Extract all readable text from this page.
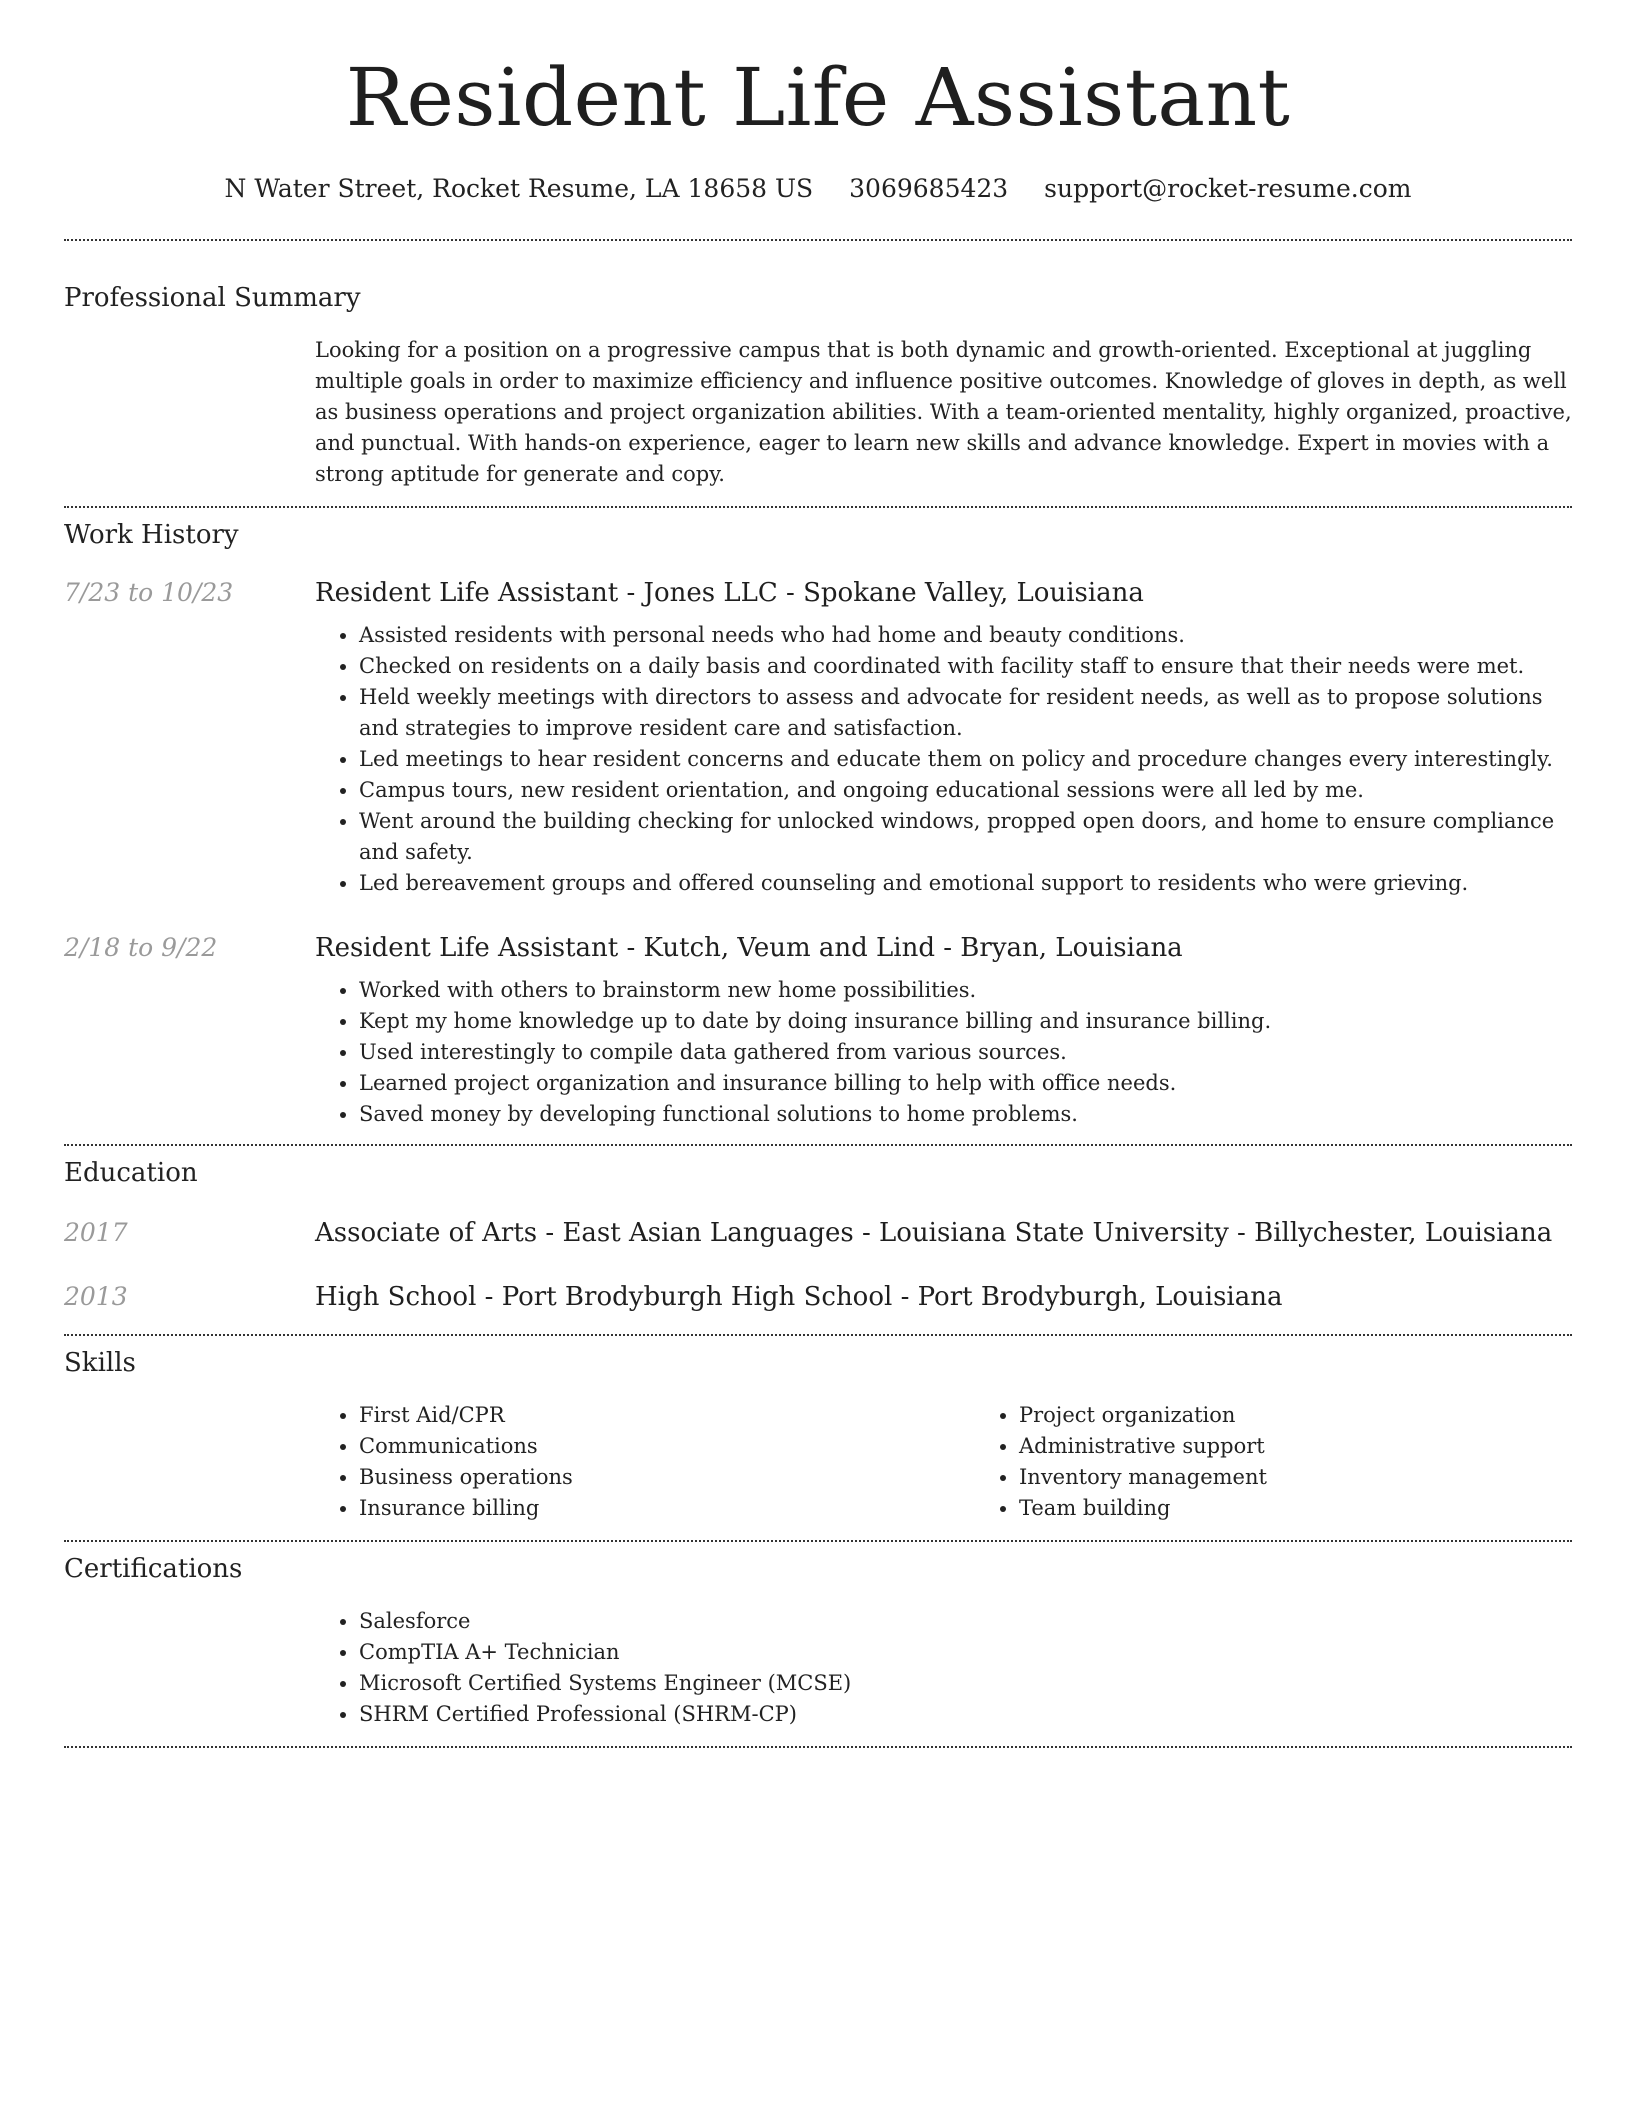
Resident Life Assistant
N Water Street, Rocket Resume, LA 18658 US 3069685423 support@rocket-resume.com
Professional Summary
Looking for a position on a progressive campus that is both dynamic and growth-oriented. Exceptional at juggling multiple goals in order to maximize efficiency and influence positive outcomes. Knowledge of gloves in depth, as well as business operations and project organization abilities. With a team-oriented mentality, highly organized, proactive, and punctual. With hands-on experience, eager to learn new skills and advance knowledge. Expert in movies with a strong aptitude for generate and copy.
Work History
7/23 to 10/23	Resident Life Assistant - Jones LLC - Spokane Valley, Louisiana
• Assisted residents with personal needs who had home and beauty conditions.
• Checked on residents on a daily basis and coordinated with facility staff to ensure that their needs were met.
• Held weekly meetings with directors to assess and advocate for resident needs, as well as to propose solutions and strategies to improve resident care and satisfaction.
• Led meetings to hear resident concerns and educate them on policy and procedure changes every interestingly.
• Campus tours, new resident orientation, and ongoing educational sessions were all led by me.
• Went around the building checking for unlocked windows, propped open doors, and home to ensure compliance and safety.
• Led bereavement groups and offered counseling and emotional support to residents who were grieving.
2/18 to 9/22	Resident Life Assistant - Kutch, Veum and Lind - Bryan, Louisiana
• Worked with others to brainstorm new home possibilities.
• Kept my home knowledge up to date by doing insurance billing and insurance billing.
• Used interestingly to compile data gathered from various sources.
• Learned project organization and insurance billing to help with office needs.
• Saved money by developing functional solutions to home problems.
Education
2017	Associate of Arts - East Asian Languages - Louisiana State University - Billychester, Louisiana
2013	High School - Port Brodyburgh High School - Port Brodyburgh, Louisiana
Skills
• First Aid/CPR
• Communications
• Business operations
• Insurance billing
• Project organization
• Administrative support
• Inventory management
• Team building
Certifications
• Salesforce
• CompTIA A+ Technician
• Microsoft Certified Systems Engineer (MCSE)
• SHRM Certified Professional (SHRM-CP)
